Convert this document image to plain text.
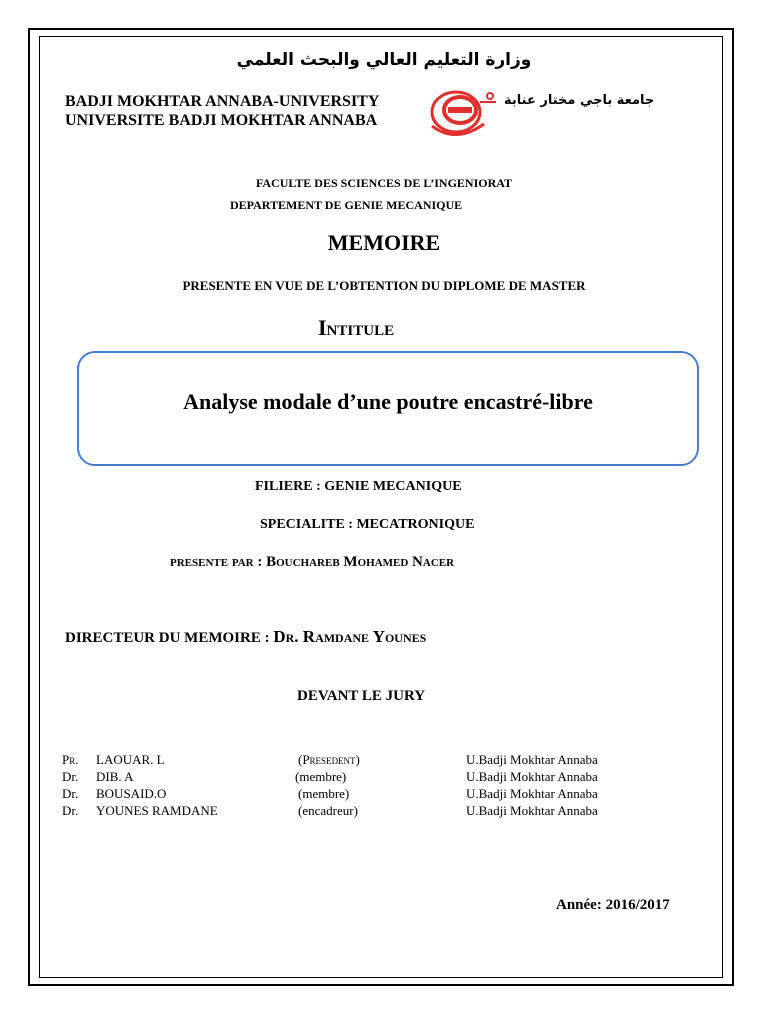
وزارة التعليم العالي والبحث العلمي
BADJI MOKHTAR ANNABA-UNIVERSITY
UNIVERSITE BADJI MOKHTAR ANNABA
جامعة باجي مختار عنابة
FACULTE DES SCIENCES DE L’INGENIORAT
DEPARTEMENT DE GENIE MECANIQUE
MEMOIRE
PRESENTE EN VUE DE L’OBTENTION DU DIPLOME DE MASTER
Intitule
Analyse modale d’une poutre encastré-libre
FILIERE : GENIE MECANIQUE
SPECIALITE : MECATRONIQUE
presente par : Bouchareb Mohamed Nacer
DIRECTEUR DU MEMOIRE : Dr. Ramdane Younes
DEVANT LE JURY
Pr. LAOUAR. L	(Presedent)	U.Badji Mokhtar Annaba
Dr. DIB. A	(membre)	U.Badji Mokhtar Annaba
Dr. BOUSAID.O	(membre)	U.Badji Mokhtar Annaba
Dr. YOUNES RAMDANE	(encadreur)	U.Badji Mokhtar Annaba
Année: 2016/2017
